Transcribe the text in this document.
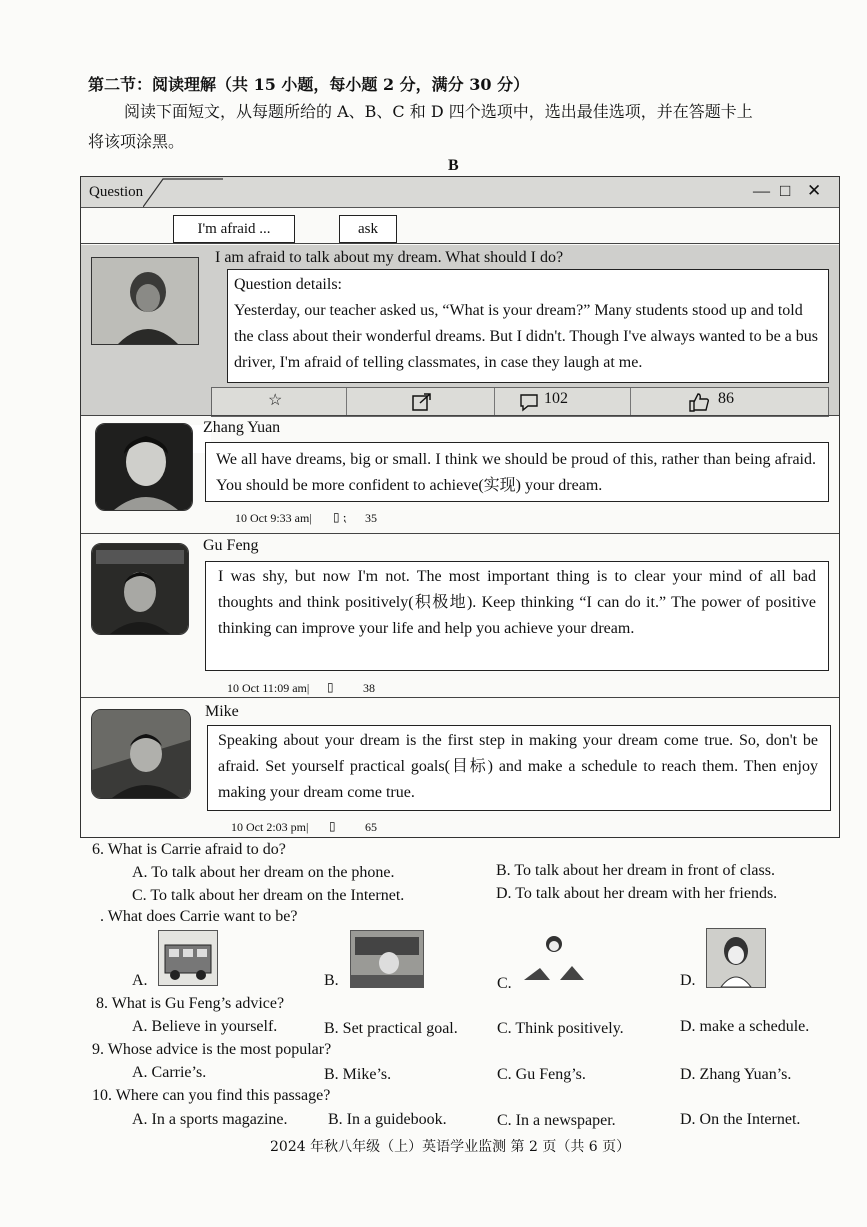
第二节：阅读理解（共 15 小题，每小题 2 分，满分 30 分）
阅读下面短文，从每题所给的 A、B、C 和 D 四个选项中，选出最佳选项，并在答题卡上
将该项涂黑。
B
Question	— □ ✕
I'm afraid ...	ask
I am afraid to talk about my dream. What should I do?

Question details:

Yesterday, our teacher asked us, “What is your dream?” Many students stood up and told the class about their wonderful dreams. But I didn't. Though I've always wanted to be a bus driver, I'm afraid of telling classmates, in case they laugh at me.

☆	102	86
Zhang Yuan

We all have dreams, big or small. I think we should be proud of this, rather than being afraid. You should be more confident to achieve(实现) your dream.

10 Oct 9:33 am| ▯ ⁏ 35
Gu Feng

I was shy, but now I'm not. The most important thing is to clear your mind of all bad thoughts and think positively(积极地). Keep thinking “I can do it.” The power of positive thinking can improve your life and help you achieve your dream.

10 Oct 11:09 am| ▯ 38
Mike

Speaking about your dream is the first step in making your dream come true. So, don't be afraid. Set yourself practical goals(目标) and make a schedule to reach them. Then enjoy making your dream come true.

10 Oct 2:03 pm| ▯ 65
6. What is Carrie afraid to do?
A. To talk about her dream on the phone.	B. To talk about her dream in front of class.
C. To talk about her dream on the Internet.	D. To talk about her dream with her friends.
. What does Carrie want to be?
A.	B.	C.	D.
8. What is Gu Feng’s advice?
A. Believe in yourself.	B. Set practical goal. C. Think positively.	D. make a schedule.
9. Whose advice is the most popular?
A. Carrie’s.	B. Mike’s.	C. Gu Feng’s.	D. Zhang Yuan’s.
10. Where can you find this passage?
A. In a sports magazine.	B. In a guidebook.	C. In a newspaper.	D. On the Internet.
2024 年秋八年级（上）英语学业监测 第 2 页（共 6 页）
